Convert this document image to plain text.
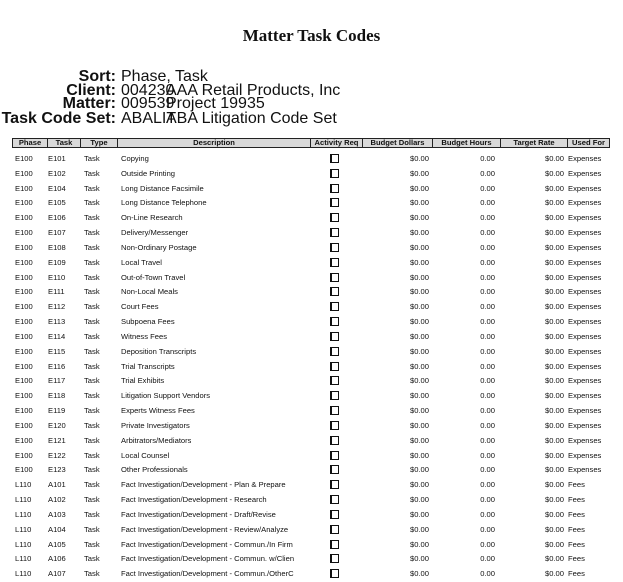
Matter Task Codes
Sort: Phase, Task
Client: 004230
AAA Retail Products, Inc
Matter: 009539
Project 19935
Task Code Set: ABALIT
ABA Litigation Code Set
Phase	Task	Type	Description	Activity Req	Budget Dollars	Budget Hours	Target Rate	Used For
E100 E101 Task	Copying	$0.00	0.00	$0.00 Expenses
E100 E102 Task	Outside Printing	$0.00	0.00	$0.00 Expenses
E100 E104 Task	Long Distance Facsimile	$0.00	0.00	$0.00 Expenses
E100 E105 Task	Long Distance Telephone	$0.00	0.00	$0.00 Expenses
E100 E106 Task	On-Line Research	$0.00	0.00	$0.00 Expenses
E100 E107 Task	Delivery/Messenger	$0.00	0.00	$0.00 Expenses
E100 E108 Task	Non-Ordinary Postage	$0.00	0.00	$0.00 Expenses
E100 E109 Task	Local Travel	$0.00	0.00	$0.00 Expenses
E100 E110 Task	Out-of-Town Travel	$0.00	0.00	$0.00 Expenses
E100 E111	Task	Non-Local Meals	$0.00	0.00	$0.00 Expenses
E100 E112 Task	Court Fees	$0.00	0.00	$0.00 Expenses
E100 E113 Task	Subpoena Fees	$0.00	0.00	$0.00 Expenses
E100 E114 Task	Witness Fees	$0.00	0.00	$0.00 Expenses
E100 E115 Task	Deposition Transcripts	$0.00	0.00	$0.00 Expenses
E100 E116 Task	Trial Transcripts	$0.00	0.00	$0.00 Expenses
E100 E117 Task	Trial Exhibits	$0.00	0.00	$0.00 Expenses
E100 E118 Task	Litigation Support Vendors	$0.00	0.00	$0.00 Expenses
E100 E119 Task	Experts Witness Fees	$0.00	0.00	$0.00 Expenses
E100 E120 Task	Private Investigators	$0.00	0.00	$0.00 Expenses
E100 E121 Task	Arbitrators/Mediators	$0.00	0.00	$0.00 Expenses
E100 E122 Task	Local Counsel	$0.00	0.00	$0.00 Expenses
E100 E123 Task	Other Professionals	$0.00	0.00	$0.00 Expenses
L110 A101 Task	Fact Investigation/Development - Plan & Prepare	$0.00	0.00	$0.00 Fees
L110 A102 Task	Fact Investigation/Development - Research	$0.00	0.00	$0.00 Fees
L110 A103 Task	Fact Investigation/Development - Draft/Revise	$0.00	0.00	$0.00 Fees
L110 A104 Task	Fact Investigation/Development - Review/Analyze	$0.00	0.00	$0.00 Fees
L110 A105 Task	Fact Investigation/Development - Commun./In Firm	$0.00	0.00	$0.00 Fees
L110 A106 Task	Fact Investigation/Development - Commun. w/Clien	$0.00	0.00	$0.00 Fees
L110 A107 Task	Fact Investigation/Development - Commun./OtherC	$0.00	0.00	$0.00 Fees
